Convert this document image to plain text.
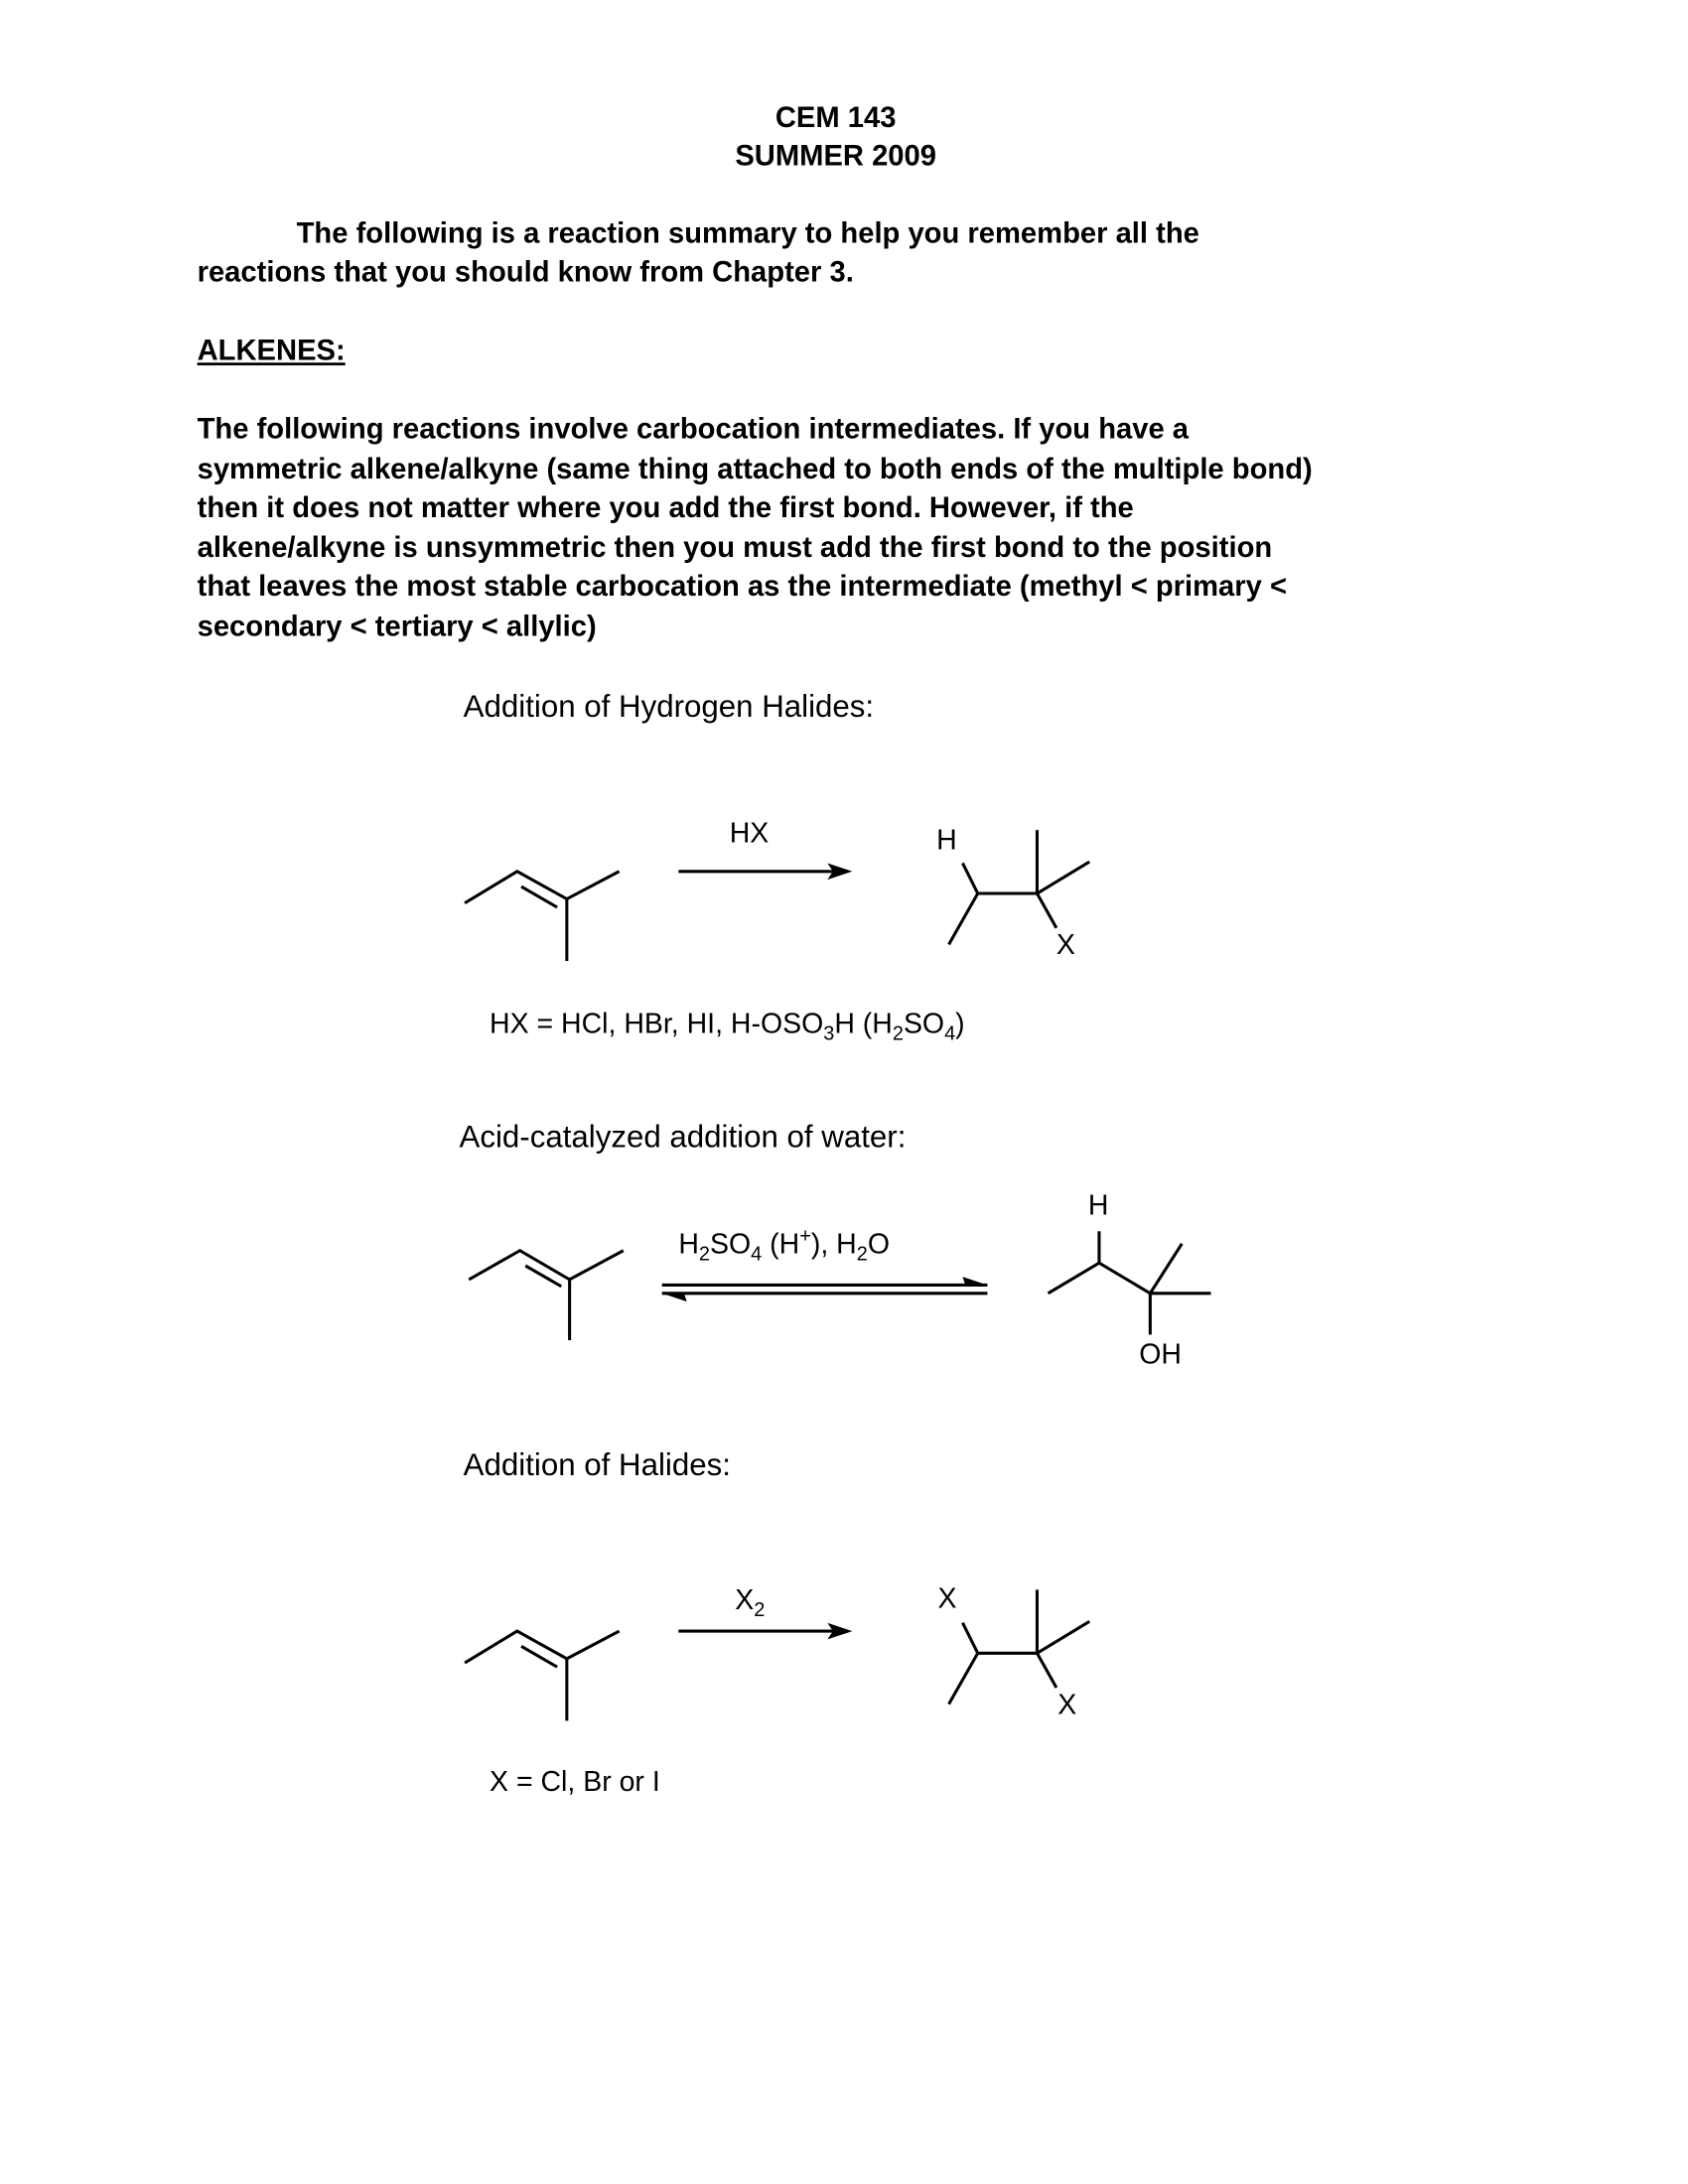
CEM 143
SUMMER 2009
The following is a reaction summary to help you remember all the
reactions that you should know from Chapter 3.
ALKENES:
The following reactions involve carbocation intermediates. If you have a
symmetric alkene/alkyne (same thing attached to both ends of the multiple bond)
then it does not matter where you add the first bond. However, if the
alkene/alkyne is unsymmetric then you must add the first bond to the position
that leaves the most stable carbocation as the intermediate (methyl < primary <
secondary < tertiary < allylic)
Addition of Hydrogen Halides:
HX
HX = HCl, HBr, HI, $H-OSO_3H$ $(H_2SO_4)$
Acid-catalyzed addition of water:
$H_2SO_4$ (H+), $H_2O$
Addition of Halides:
$X_2$
X = Cl, Br or I
H
X
H
OH
X
X
